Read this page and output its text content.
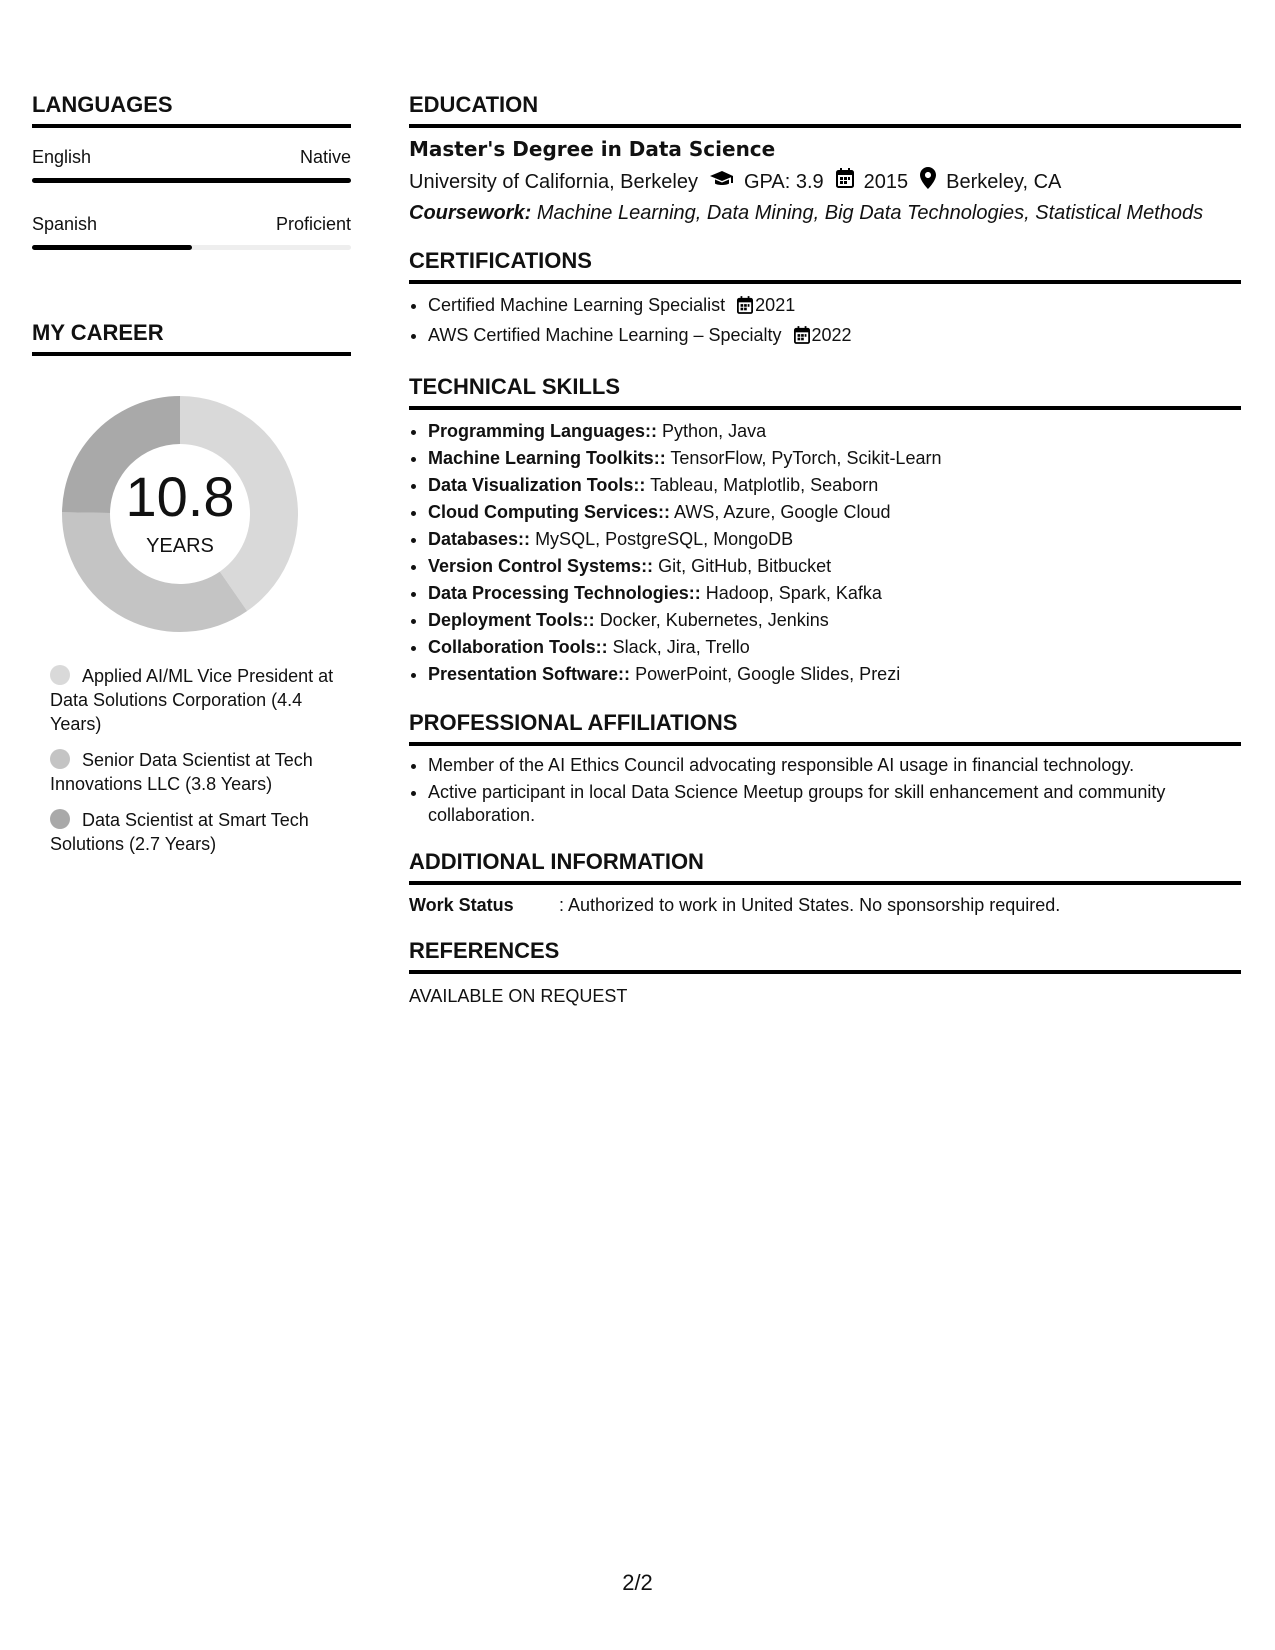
LANGUAGES
English	Native
Spanish	Proficient
MY CAREER
10.8
YEARS
Applied AI/ML Vice President at Data Solutions Corporation (4.4 Years)
Senior Data Scientist at Tech Innovations LLC (3.8 Years)
Data Scientist at Smart Tech Solutions (2.7 Years)
EDUCATION
Master's Degree in Data Science
University of California, Berkeley GPA: 3.9 2015 Berkeley, CA
Coursework: Machine Learning, Data Mining, Big Data Technologies, Statistical Methods
CERTIFICATIONS
• Certified Machine Learning Specialist 2021
• AWS Certified Machine Learning – Specialty 2022
TECHNICAL SKILLS
• Programming Languages:: Python, Java
• Machine Learning Toolkits:: TensorFlow, PyTorch, Scikit-Learn
• Data Visualization Tools:: Tableau, Matplotlib, Seaborn
• Cloud Computing Services:: AWS, Azure, Google Cloud
• Databases:: MySQL, PostgreSQL, MongoDB
• Version Control Systems:: Git, GitHub, Bitbucket
• Data Processing Technologies:: Hadoop, Spark, Kafka
• Deployment Tools:: Docker, Kubernetes, Jenkins
• Collaboration Tools:: Slack, Jira, Trello
• Presentation Software:: PowerPoint, Google Slides, Prezi
PROFESSIONAL AFFILIATIONS
• Member of the AI Ethics Council advocating responsible AI usage in financial technology.
• Active participant in local Data Science Meetup groups for skill enhancement and community collaboration.
ADDITIONAL INFORMATION
Work Status	: Authorized to work in United States. No sponsorship required.
REFERENCES
AVAILABLE ON REQUEST
2/2
